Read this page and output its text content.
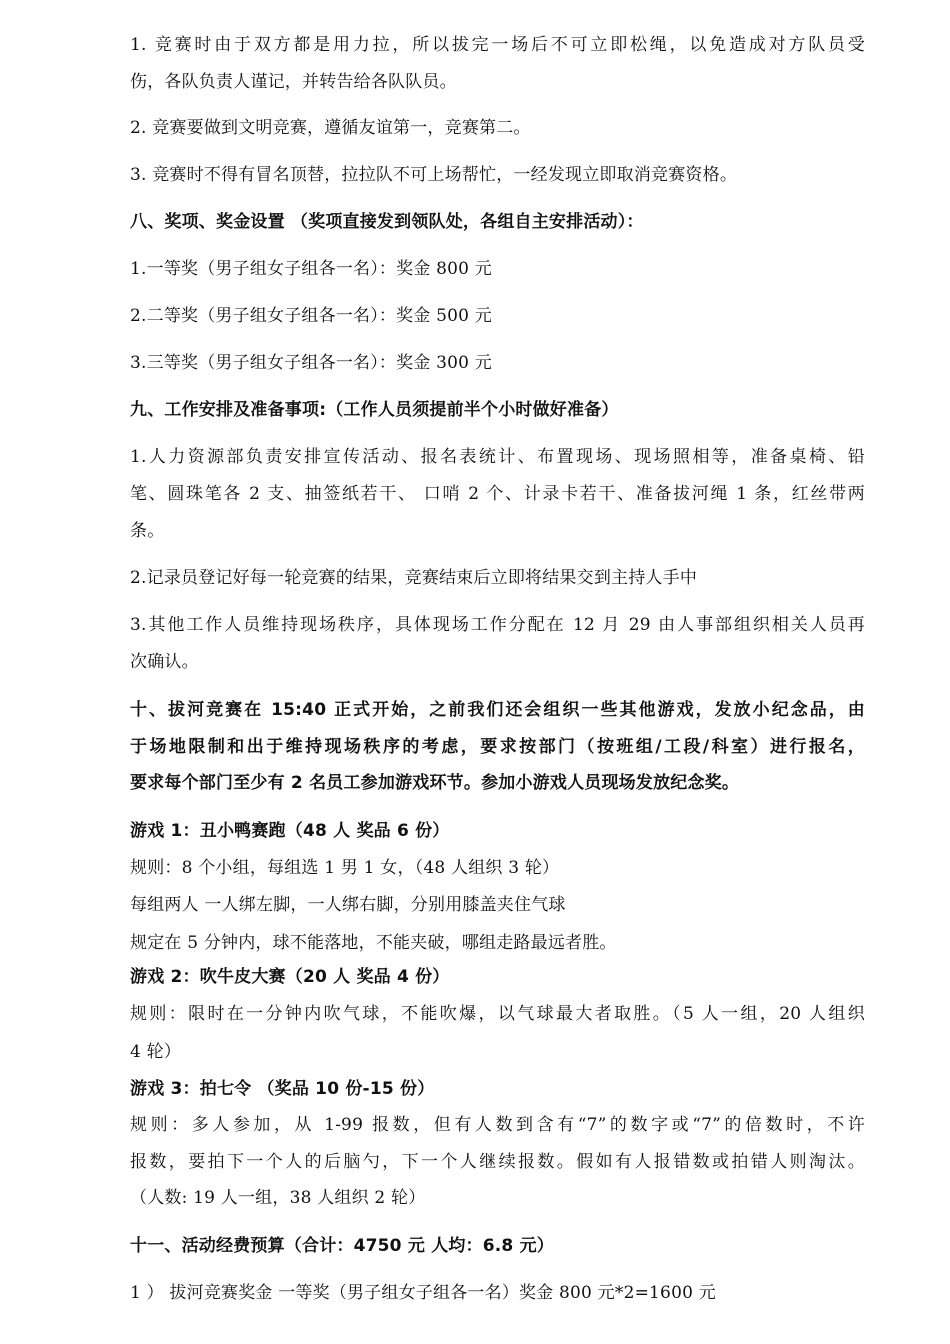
1. 竞赛时由于双方都是用力拉，所以拔完一场后不可立即松绳，以免造成对方队员受
伤，各队负责人谨记，并转告给各队队员。
2. 竞赛要做到文明竞赛，遵循友谊第一，竞赛第二。
3. 竞赛时不得有冒名顶替，拉拉队不可上场帮忙，一经发现立即取消竞赛资格。
八、奖项、奖金设置 （奖项直接发到领队处，各组自主安排活动）：
1.一等奖（男子组女子组各一名）：奖金 800 元
2.二等奖（男子组女子组各一名）：奖金 500 元
3.三等奖（男子组女子组各一名）：奖金 300 元
九、工作安排及准备事项:（工作人员须提前半个小时做好准备）
1.人力资源部负责安排宣传活动、报名表统计、布置现场、现场照相等，准备桌椅、铅
笔、圆珠笔各 2 支、抽签纸若干、 口哨 2 个、计录卡若干、准备拔河绳 1 条，红丝带两
条。
2.记录员登记好每一轮竞赛的结果，竞赛结束后立即将结果交到主持人手中
3.其他工作人员维持现场秩序，具体现场工作分配在 12 月 29 由人事部组织相关人员再
次确认。
十、拔河竞赛在 15:40 正式开始，之前我们还会组织一些其他游戏，发放小纪念品，由
于场地限制和出于维持现场秩序的考虑，要求按部门（按班组/工段/科室）进行报名，
要求每个部门至少有 2 名员工参加游戏环节。参加小游戏人员现场发放纪念奖。
游戏 1：丑小鸭赛跑（48 人 奖品 6 份）
规则：8 个小组，每组选 1 男 1 女，（48 人组织 3 轮）
每组两人 一人绑左脚，一人绑右脚，分别用膝盖夹住气球
规定在 5 分钟内，球不能落地，不能夹破，哪组走路最远者胜。
游戏 2：吹牛皮大赛（20 人 奖品 4 份）
规则：限时在一分钟内吹气球，不能吹爆，以气球最大者取胜。（5 人一组，20 人组织
4 轮）
游戏 3：拍七令 （奖品 10 份-15 份）
规则：多人参加，从 1-99 报数，但有人数到含有“7”的数字或“7”的倍数时，不许
报数，要拍下一个人的后脑勺，下一个人继续报数。假如有人报错数或拍错人则淘汰。
（人数: 19 人一组，38 人组织 2 轮）
十一、活动经费预算（合计：4750 元 人均：6.8 元）
1 ） 拔河竞赛奖金 一等奖（男子组女子组各一名）奖金 800 元*2=1600 元
